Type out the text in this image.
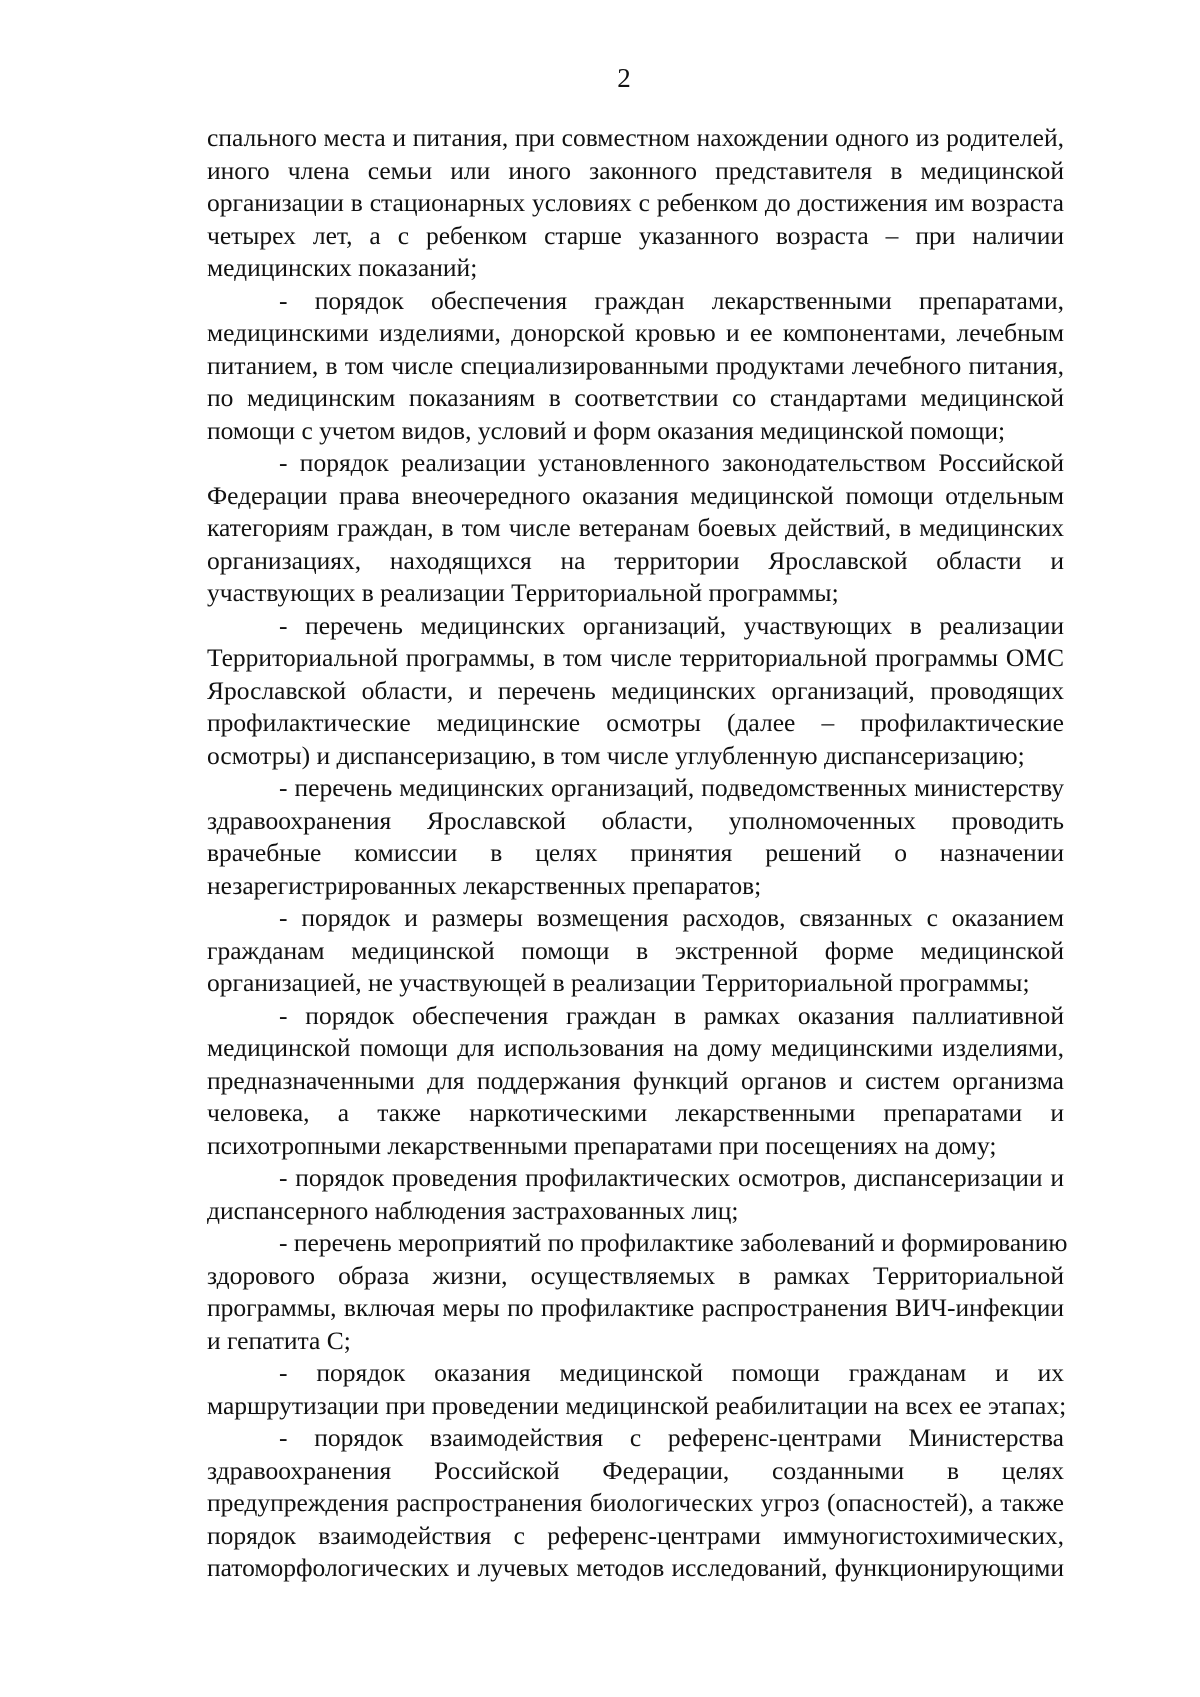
2
спального места и питания, при совместном нахождении одного из родителей,
иного члена семьи или иного законного представителя в медицинской
организации в стационарных условиях с ребенком до достижения им возраста
четырех лет, а с ребенком старше указанного возраста – при наличии
медицинских показаний;
- порядок обеспечения граждан лекарственными препаратами,
медицинскими изделиями, донорской кровью и ее компонентами, лечебным
питанием, в том числе специализированными продуктами лечебного питания,
по медицинским показаниям в соответствии со стандартами медицинской
помощи с учетом видов, условий и форм оказания медицинской помощи;
- порядок реализации установленного законодательством Российской
Федерации права внеочередного оказания медицинской помощи отдельным
категориям граждан, в том числе ветеранам боевых действий, в медицинских
организациях, находящихся на территории Ярославской области и
участвующих в реализации Территориальной программы;
- перечень медицинских организаций, участвующих в реализации
Территориальной программы, в том числе территориальной программы ОМС
Ярославской области, и перечень медицинских организаций, проводящих
профилактические медицинские осмотры (далее – профилактические
осмотры) и диспансеризацию, в том числе углубленную диспансеризацию;
- перечень медицинских организаций, подведомственных министерству
здравоохранения Ярославской области, уполномоченных проводить
врачебные комиссии в целях принятия решений о назначении
незарегистрированных лекарственных препаратов;
- порядок и размеры возмещения расходов, связанных с оказанием
гражданам медицинской помощи в экстренной форме медицинской
организацией, не участвующей в реализации Территориальной программы;
- порядок обеспечения граждан в рамках оказания паллиативной
медицинской помощи для использования на дому медицинскими изделиями,
предназначенными для поддержания функций органов и систем организма
человека, а также наркотическими лекарственными препаратами и
психотропными лекарственными препаратами при посещениях на дому;
- порядок проведения профилактических осмотров, диспансеризации и
диспансерного наблюдения застрахованных лиц;
- перечень мероприятий по профилактике заболеваний и формированию
здорового образа жизни, осуществляемых в рамках Территориальной
программы, включая меры по профилактике распространения ВИЧ-инфекции
и гепатита С;
- порядок оказания медицинской помощи гражданам и их
маршрутизации при проведении медицинской реабилитации на всех ее этапах;
- порядок взаимодействия с референс-центрами Министерства
здравоохранения Российской Федерации, созданными в целях
предупреждения распространения биологических угроз (опасностей), а также
порядок взаимодействия с референс-центрами иммуногистохимических,
патоморфологических и лучевых методов исследований, функционирующими
